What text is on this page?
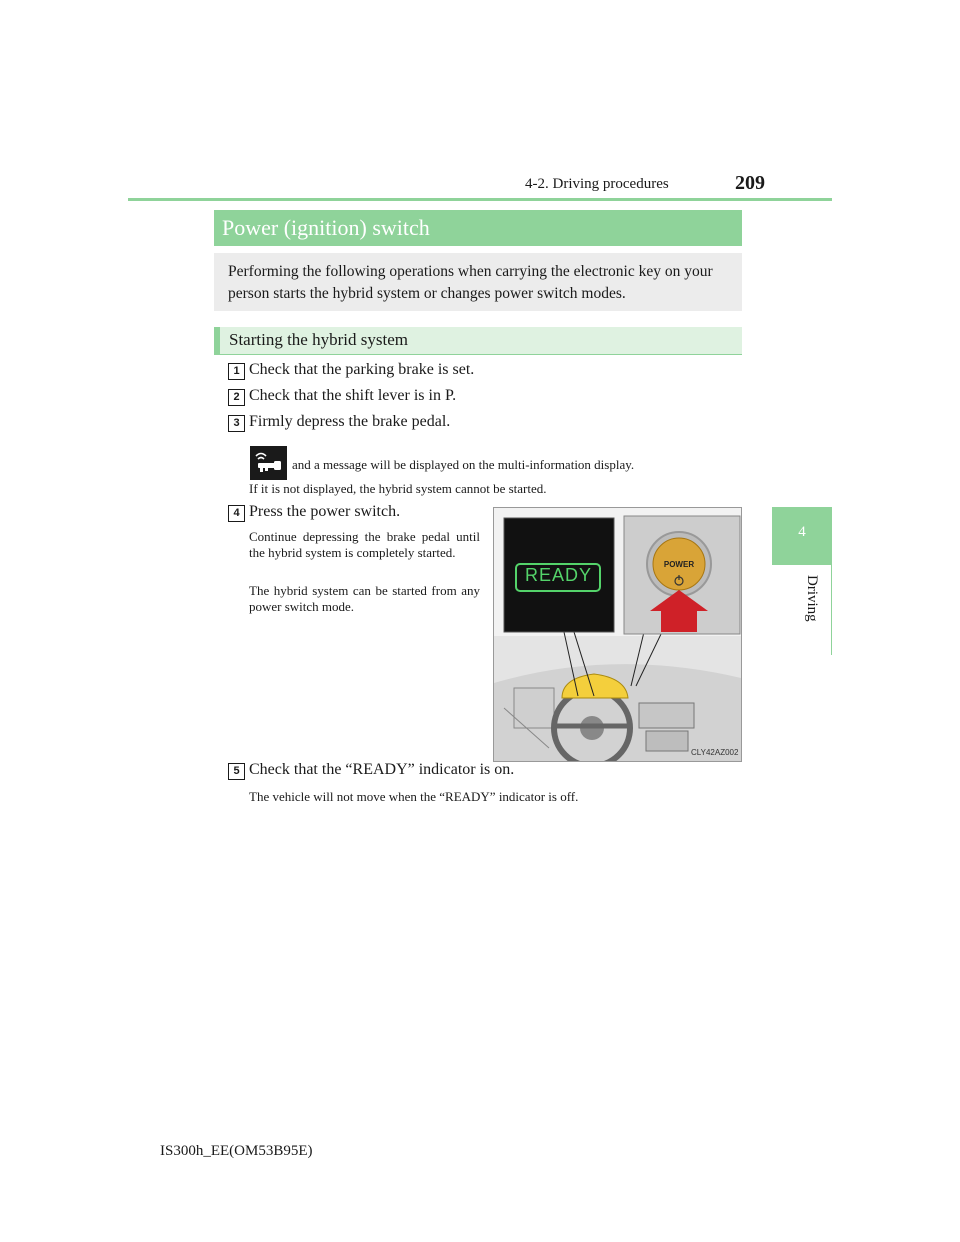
4-2. Driving procedures	209
4
Driving
Power (ignition) switch
Performing the following operations when carrying the electronic key on your person starts the hybrid system or changes power switch modes.
Starting the hybrid system
1 Check that the parking brake is set.
2 Check that the shift lever is in P.
3 Firmly depress the brake pedal.
and a message will be displayed on the multi-information display.
If it is not displayed, the hybrid system cannot be started.
4 Press the power switch.
Continue depressing the brake pedal until the hybrid system is completely started.
The hybrid system can be started from any power switch mode.
READY
POWER
CLY42AZ002
5 Check that the “READY” indicator is on.
The vehicle will not move when the “READY” indicator is off.
IS300h_EE(OM53B95E)
